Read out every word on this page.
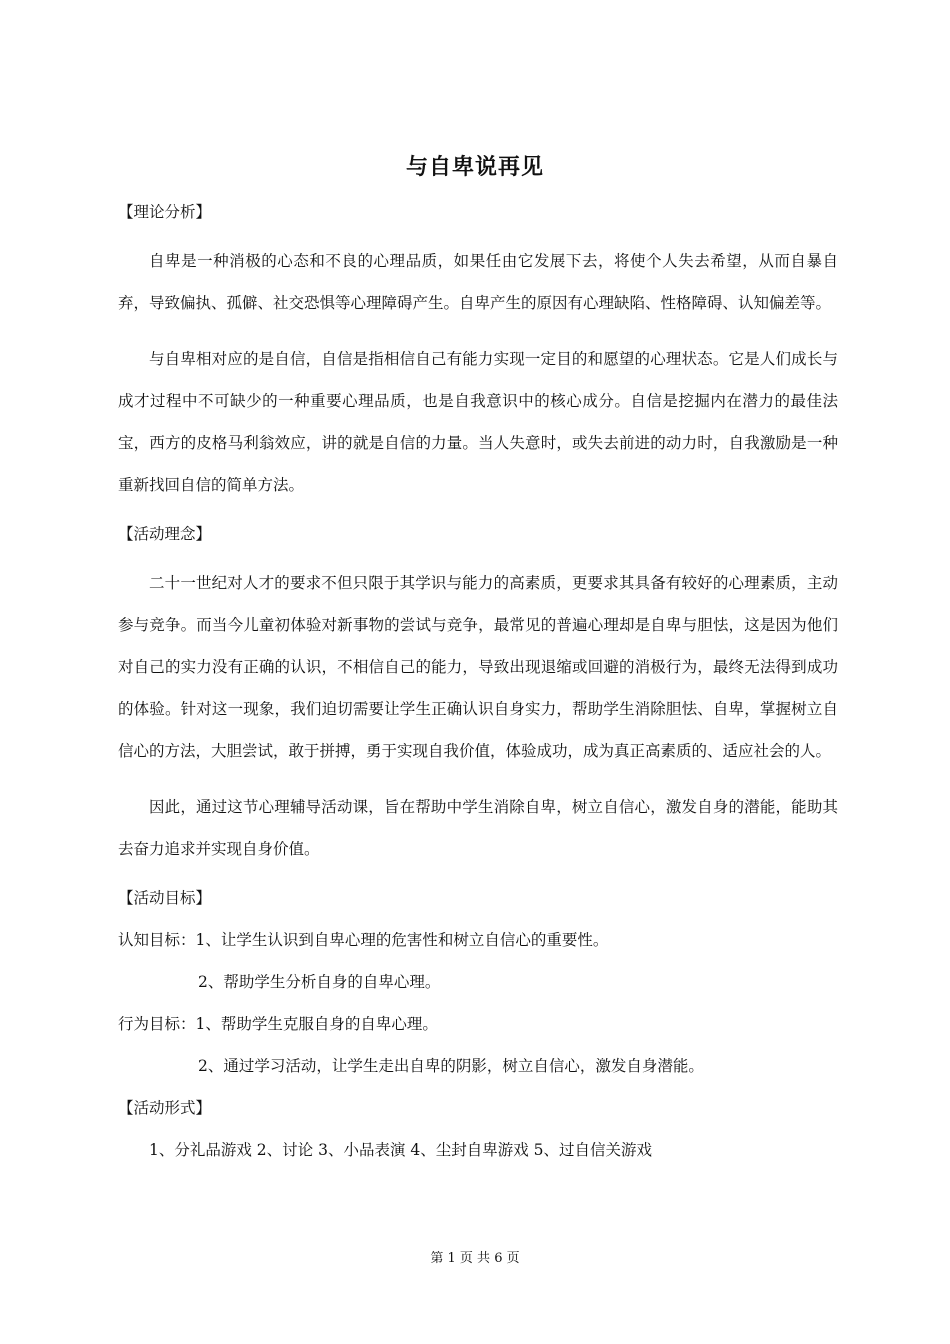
与自卑说再见
【理论分析】

自卑是一种消极的心态和不良的心理品质，如果任由它发展下去，将使个人失去希望，从而自暴自弃，导致偏执、孤僻、社交恐惧等心理障碍产生。自卑产生的原因有心理缺陷、性格障碍、认知偏差等。

与自卑相对应的是自信，自信是指相信自己有能力实现一定目的和愿望的心理状态。它是人们成长与成才过程中不可缺少的一种重要心理品质，也是自我意识中的核心成分。自信是挖掘内在潜力的最佳法宝，西方的皮格马利翁效应，讲的就是自信的力量。当人失意时，或失去前进的动力时，自我激励是一种重新找回自信的简单方法。

【活动理念】

二十一世纪对人才的要求不但只限于其学识与能力的高素质，更要求其具备有较好的心理素质，主动参与竞争。而当今儿童初体验对新事物的尝试与竞争，最常见的普遍心理却是自卑与胆怯，这是因为他们对自己的实力没有正确的认识，不相信自己的能力，导致出现退缩或回避的消极行为，最终无法得到成功的体验。针对这一现象，我们迫切需要让学生正确认识自身实力，帮助学生消除胆怯、自卑，掌握树立自信心的方法，大胆尝试，敢于拼搏，勇于实现自我价值，体验成功，成为真正高素质的、适应社会的人。

因此，通过这节心理辅导活动课，旨在帮助中学生消除自卑，树立自信心，激发自身的潜能，能助其去奋力追求并实现自身价值。

【活动目标】
认知目标：1、让学生认识到自卑心理的危害性和树立自信心的重要性。
2、帮助学生分析自身的自卑心理。
行为目标：1、帮助学生克服自身的自卑心理。
2、通过学习活动，让学生走出自卑的阴影，树立自信心，激发自身潜能。
【活动形式】
1、分礼品游戏 2、讨论 3、小品表演 4、尘封自卑游戏 5、过自信关游戏
第 1 页 共 6 页
